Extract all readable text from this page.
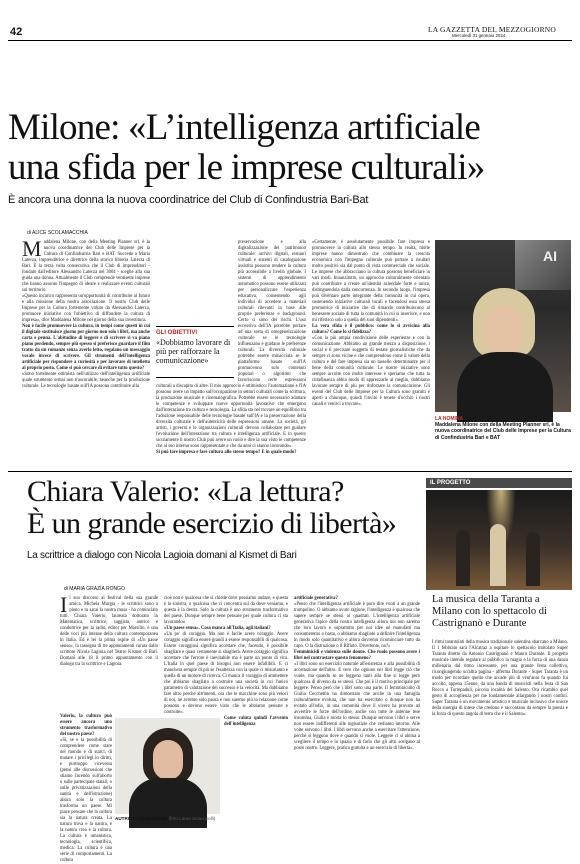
42	LA GAZZETTA DEL MEZZOGIORNO
Mercoledì 31 gennaio 2024
Milone: «L’intelligenza artificiale
una sfida per le imprese culturali»
È ancora una donna la nuova coordinatrice del Club di Confindustria Bari-Bat
di ALICE SCOLAMACCHIA
M addalena Milone, con della Meeting Planner srl, è la nuova coordinatrice del Club delle Imprese per la Cultura di Confindustria Bari e BAT. Succede a Maria Laterza, imprenditrice e direttrice della storica libreria Laterza di Bari. È la terza volta consecutiva che il Club di imprenditori - fondato dall'editore Alessandro Laterza nel 3004 - sceglie alla sua guida una donna. Attualmente il Club comprende ventisette imprese che hanno assunto l'impegno di ideare e realizzare eventi culturali sul territorio.
«Questo incarico rappresenta un'opportunità di contribuire al futuro e alla missione della nostra associazione. Il nostro Club delle Imprese per la Cultura fortemente voluto da Alessandro Laterza, promuove iniziative con l'obiettivo di diffondere la cultura di impresa», dice Maddalena Milone nel giorno della sua investitura.
Non è facile promuovere la cultura, in tempi come questi in cui il digitale sostituisce giorno per giorno non solo i libri, ma anche carta e penna. L'abitudine di leggere e di scrivere si va piano piano perdendo, sempre più spesso si preferisce guardare il film tratto da un romanzo senza averlo letto, regalano un messaggio vocale invece di scrivere. Gli strumenti dell'intelligenza artificiale per rispondere a curiosità e per lavorare di intelletto al proprio posto. Come si può cercare di evitare tutto questo?
«Sono fortemente ottimista nell'utilizzo dell'intelligenza artificiale quale strumento ormai non trascurabile, neanche per la produzione culturale. Le tecnologie basate sull'IA possono contribuire alla
GLI OBIETTIVI
«Dobbiamo lavorare di più per rafforzare la comunicazione»
preservazione e alla digitalizzazione del patrimonio culturale: archivi digitali, restauri virtuali e sistemi di catalogazione assistita possono rendere la cultura più accessibile a livello globale. I sistemi di apprendimento automatico possono essere utilizzati per personalizzare l'esperienza educativa, consentendo agli individui di accedere a materiali culturali rilevanti in base alle proprie preferenze e background. Certo ci sono dei rischi. L'uso eccessivo dell'IA potrebbe portare ad una sorta di omogeneizzazione culturale se le tecnologie influenzano e guidano le preferenze culturali. La diversità culturale potrebbe essere minacciata se le piattaforme basate sull'IA promuovono solo contenuti popolari o algoritmi che favoriscono certe espressioni culturali a discapito di altre. Il mio approccio è ottimistico: l'automazione e l'IA possono avere un impatto sull'occupazione in settori culturali come la scrittura, la produzione musicale e cinematografica. Potrebbe essere necessario adattare le competenze e sviluppare nuove opportunità lavorative che emergono dall'interazione tra cultura e tecnologia. La sfida sta nel trovare un equilibrio tra l'adozione responsabile delle tecnologie basate sull'IA e la preservazione della diversità culturale e dell'autenticità delle espressioni umane. La società, gli artisti, i governi e le organizzazioni culturali devono collaborare per guidare l'evoluzione dell'interazione tra cultura e intelligenza artificiale. E in questo sicuramente il nostro Club può avere un ruolo e dire la sua visto le competenze che al suo interno sono rappresentate e che da anni ci stanno lavorando».
Si può fare impresa e fare cultura allo stesso tempo? E in quale modo?
«Certamente, è assolutamente possibile fare impresa e promuovere la cultura allo stesso tempo. In realtà, molte imprese hanno dimostrato che combinare la crescita economica con l'impegno culturale può portare a risultati molto positivi sia dal punto di vista commerciale che sociale. Le imprese che abbracciano la cultura possono beneficiare in vari modi. Innanzitutto, un approccio culturalmente orientato può contribuire a creare un'identità aziendale forte e unica, distinguendola dalla concorrenza. In secondo luogo, l'impresa può diventare parte integrante della comunità in cui opera, sostenendo iniziative culturali locali e facendosi essa stessa promotrice di iniziative che di rimando contribuiscono al benessere sociale di tutta la comunità in cui si inserisce, e non mi riferisco solo a quella dei suoi dipendenti».
La vera sfida è il pubblico: come lo si avvicina alla cultura? Come lo si fidelizza?
«Con la più ampia condivisione delle esperienze e con la comunicazione. Abbiamo un grande mezzo a disposizione, i social e il precisare soggetto di testate giornalistiche che da sempre ci sono vicine e che comprendono come il valore della cultura e del fare impresa sia un tassello determinante per il bene della comunità culturale. Le nostre iniziative sono sempre accolte con molto interesse e speriamo che tutta la cittadinanza abbia modo di apprezzarle al meglio, dobbiamo lavorare sempre di più per rinforzare la comunicazione. Gli eventi del Club delle Imprese per la Cultura sono gratuiti e aperti a chiunque, quindi l'invito è tenere d'occhio i nostri canali e venirci a trovare».
AI
LA NOMINA
Maddalena Milone con della Meeting Planner srl, è la nuova coordinatrice del Club delle Imprese per la Cultura di Confindustria Bari e BAT
Chiara Valerio: «La lettura?
È un grande esercizio di libertà»
La scrittrice a dialogo con Nicola Lagioia domani al Kismet di Bari
di MARIA GRAZIA RONGO
I l suo discorso al festival della sua grande amica, Michela Murgia - le scrittrici sono a pieno e tu sarai la nostra musa - ha cominciato tutti. Chiara Valerio, laureata dottorato in Matematica, scrittrice, saggista, autrice e conduttrice per la radio, editor per Marsilio, è una delle voci più intense della cultura contemporanea in Italia. Ed è lei la prima ospite di «Un passe senso», la rassegna di tre appuntamenti curata dallo scrittore Nicola Lagioia nel Teatro Kismet di Bari. Domani alle 18 il primo appuntamento con il dialogo tra la scrittrice e Lagioia.
Valerio, la cultura può essere ancora uno strumento trasformativo del nostro paese?
«Sì, se e la possibilità di comprendere come stare nel mondo e di starci, di mutare i privilegi in diritti, e purtroppo viceversa (pensi alle discussioni che stiamo facendo sull'aborto o sulle partecipate statali, o sulle privatizzazioni della sanità e dell'istruzione) allora solo la cultura trasforma un paese. Mi piace pensare che la cultura sia la natura creata. La natura trova e la natura, e la natura crea e la cultura. La cultura è umanistica, tecnologia, scientifica, medica. La cultura è una serie di comportamenti. La cultura
AUTRICE Chiara Valerio (foto Laura Sciacovelli)
cioè non è qualcosa che si chiede dove possiamo andare, e questa è la sinistra, o qualcosa che ci concentra sul da dove veniamo, e questa è la destra. Solo la cultura è uno strumento trasformativo del paese. Dunque sempre bene pensare per quale cultura ci sta lavorando».
«Un paese sensa». Cosa manca all'Italia, agli italiani?
«Un po' di coraggio. Ma non è facile avere coraggio. Avere coraggio significa essere grandi a essere responsabili di qualcosa. Essere coraggiosi significa accettare che, facendo, è possibile sbagliare e quasi certamente si sbaglierà. Avere coraggio significa accettare che l'errore è inevitabile ma è parte un punto di vita. L'Italia in quel paese di bisogni non essere infallibili. E ci manchera sempre di più se l'esattezza con la quale ci misuriamo e quella di un motore di ricerca. Ci manca il coraggio di ammettere che abbiamo sbagliato a costruire una società in cui l'unico parametro di valutazione del successo è la velocità. Ma dobbiamo fare altro perché altrimenti, ora che le macchine sono più veloci di noi, ne avremo solo paura e non saremo più in relazione come possono e devono essere visto che le abbiamo pensate e costruite».
Come valuta quindi l'avvento dell'intelligenza
artificiale generativa?
«Penso che l'intelligenza artificiale è puro dire vuoti a un grande trampolino. O abbiamo avuto ragione, l'intelligenza è qualcosa che sapere sempre se stessi ai quadrati. L'intelligenza artificiale generativa l'apice della nostra intelligenza allora noi non saremo che loro lavoro e soprattutto per noi idee né manufatti ma consumeremo o basta, o abbiamo sbagliato a definire l'intelligenza in modo solo quantitativo e allora dovremo ricominciare tutto da capo. O la distruzione o il Rifiuto. Divertente, no?»
Femminicidi e violenza sulle donne. Che ruolo possono avere i libri nel contrastare questo fenomeno?
«I libri sono un esercizio naturale all'esistenza e alla possibilità di accettazione dell'altro. E vero che ognuno nei libri legge ciò che vuole, ma quando se ne leggono tanti alla fine si legge però qualcosa di diverso da se stessi. Che poi è il motivo principale per leggere. Penso però che i libri sono una parte. Il femminicidio di Giulia Cecchettin ha dimostrato che anche in una famiglia culturalmente evoluta, che non ha esercitato o dunque non ha evitato all'odio, in una comunità dove il vivere ha provato ad avvertire le forze dell'ordine, anche con tutte le antenne tese insomma, Giulia è morta lo stesso. Dunque servono i libri e serve non essere indifferenti alle ingiustizie che vediamo intorno. Alle volte servono i libri. I libri servono anche a esercitare l'attenzione, perché si leggono dove e quando si vuole. Leggere ci si abitua a scegliere il tempo e lo spazio e di farlo che gli altri scelgano al posto nostro. Leggere, pratica gratuita e un esercizio di libertà».
IL PROGETTO
La musica della Taranta a Milano con lo spettacolo di Castrignanò e Durante
I ritmi tarantolati della musica tradizionale salentina sbarcano a Milano. Il 1 febbraio sarà l'Alcatraz a ospitare lo spettacolo intitolato Super Taranta diretto da Antonio Castrignanò e Mauro Durante. Il progetto musicale intende regalare al pubblico la magia e la forza di una danza millenaria dal ritmo incessante, per una grande festa collettiva, ricongiungendo un'altra pagina - afferma Durante - Super Taranta è un modo per ricordare quello che accade più di vent'anni fa quando fui accolto, appena 15enne, da una banda di musicisti nella festa di San Rocco a Torrepaduli, piccola località del Salento. Ora ricambio quel gesto di accoglienza per me fondamentale allargando i nostri confini. Super Taranta è un movimento artistico e musicale inclusivo che unisce della sinergia di intese che credono e raccontano da sempre la poesia e la forza di questo angolo di terra che è il Salento».
